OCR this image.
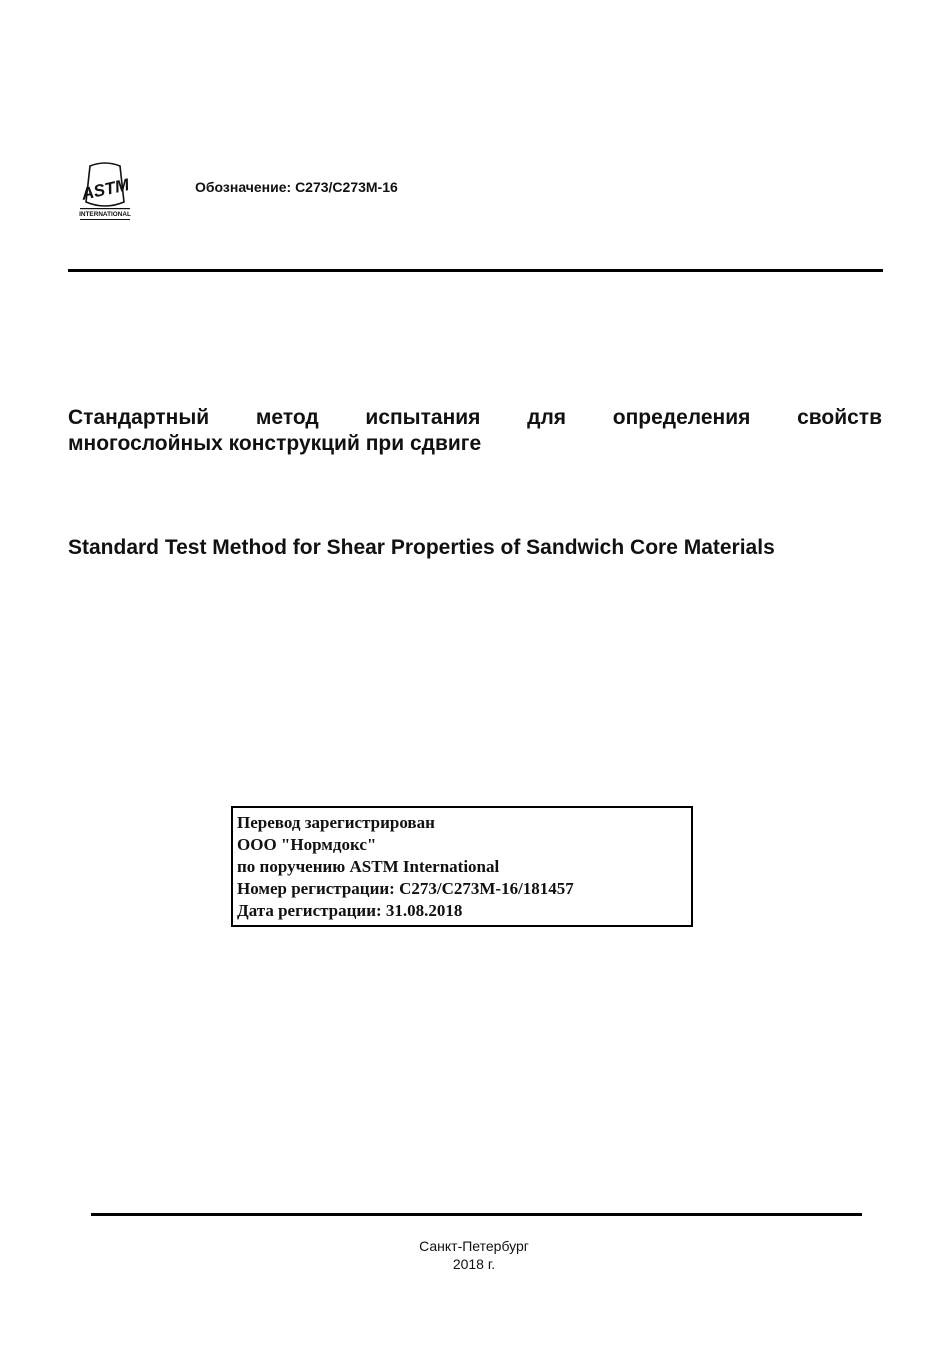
ASTM
INTERNATIONAL
Обозначение: C273/C273M-16
Стандартный метод испытания для определения свойств
многослойных конструкций при сдвиге
Standard Test Method for Shear Properties of Sandwich Core Materials
Перевод зарегистрирован
ООО "Нормдокс"
по поручению ASTM International
Номер регистрации: C273/C273M-16/181457
Дата регистрации: 31.08.2018
Санкт-Петербург
2018 г.
